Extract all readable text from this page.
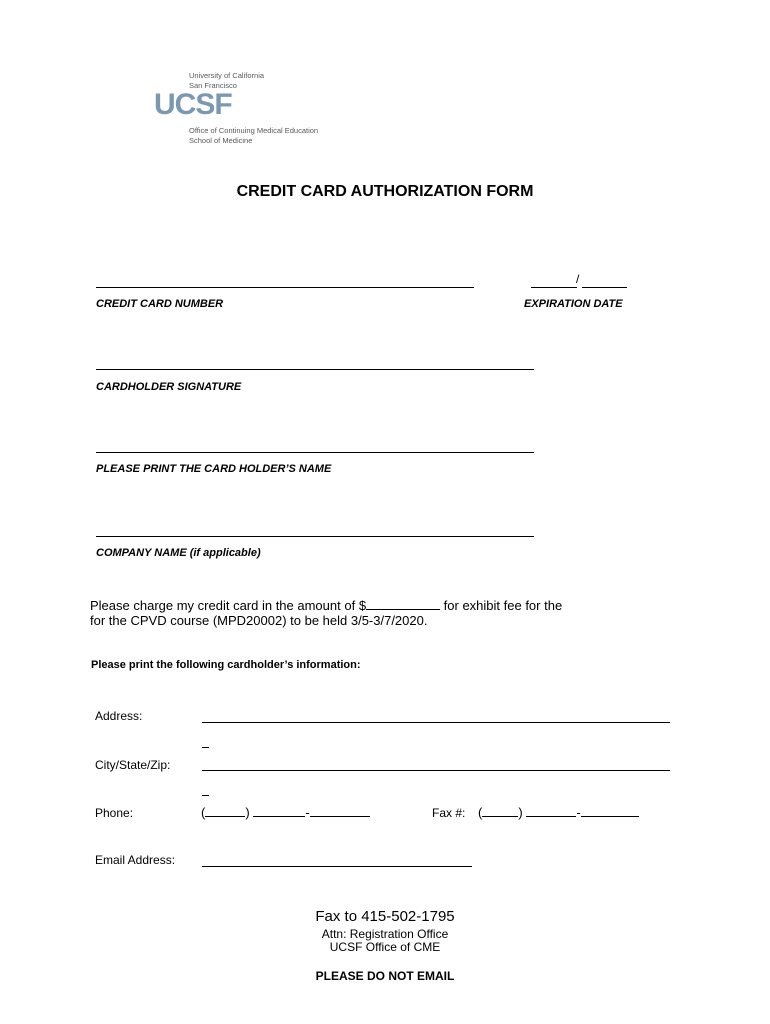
University of California
San Francisco
UCSF
Office of Continuing Medical Education
School of Medicine
CREDIT CARD AUTHORIZATION FORM
CREDIT CARD NUMBER
/
EXPIRATION DATE
CARDHOLDER SIGNATURE
PLEASE PRINT THE CARD HOLDER’S NAME
COMPANY NAME (if applicable)
Please charge my credit card in the amount of $	for exhibit fee for the
for the CPVD course (MPD20002) to be held 3/5-3/7/2020.
Please print the following cardholder’s information:
Address:
City/State/Zip:
Phone:	(	)	-	Fax #: (	)	-
Email Address:
Fax to 415-502-1795
Attn: Registration Office
UCSF Office of CME
PLEASE DO NOT EMAIL
